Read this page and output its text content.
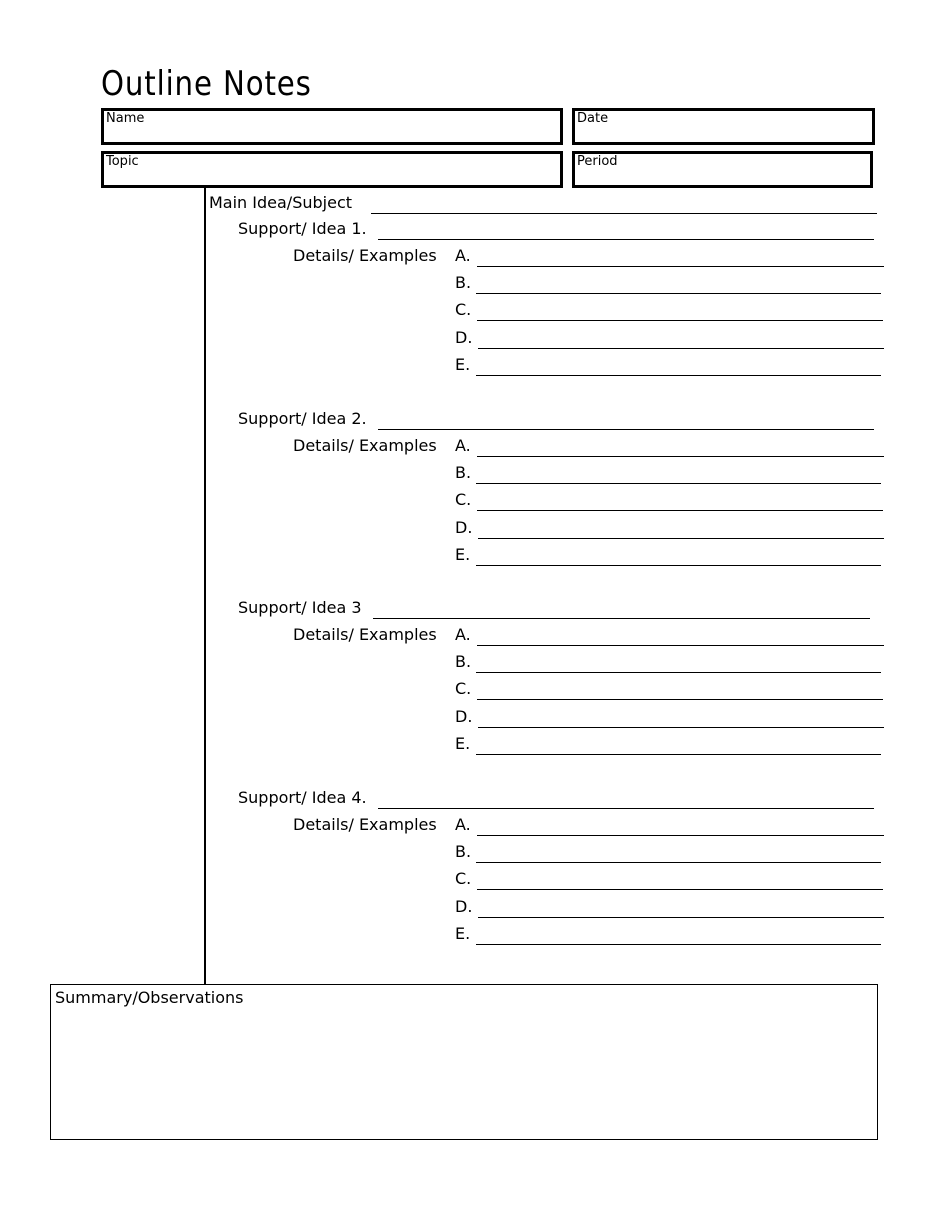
Outline Notes
Name	Date
Topic	Period
Main Idea/Subject
Support/ Idea 1.
Details/ Examples A.
B.
C.
D.
E.
Support/ Idea 2.
Details/ Examples A.
B.
C.
D.
E.
Support/ Idea 3
Details/ Examples A.
B.
C.
D.
E.
Support/ Idea 4.
Details/ Examples A.
B.
C.
D.
E.
Summary/Observations
